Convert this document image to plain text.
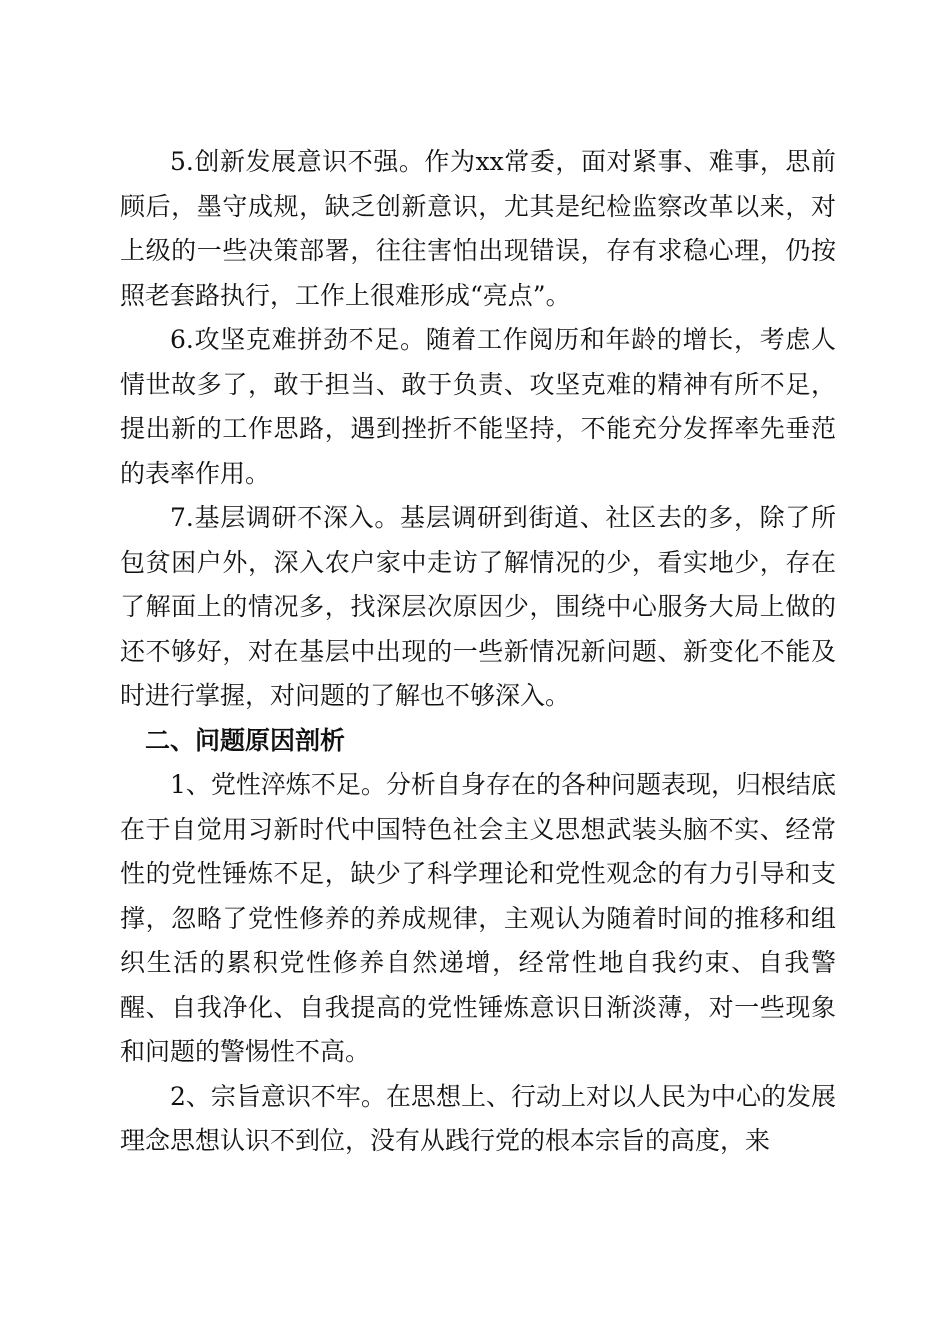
5.创新发展意识不强。作为xx常委，面对紧事、难事，思前顾后，墨守成规，缺乏创新意识，尤其是纪检监察改革以来，对上级的一些决策部署，往往害怕出现错误，存有求稳心理，仍按照老套路执行，工作上很难形成“亮点”。

6.攻坚克难拼劲不足。随着工作阅历和年龄的增长，考虑人情世故多了，敢于担当、敢于负责、攻坚克难的精神有所不足，提出新的工作思路，遇到挫折不能坚持，不能充分发挥率先垂范的表率作用。

7.基层调研不深入。基层调研到街道、社区去的多，除了所包贫困户外，深入农户家中走访了解情况的少，看实地少，存在了解面上的情况多，找深层次原因少，围绕中心服务大局上做的还不够好，对在基层中出现的一些新情况新问题、新变化不能及时进行掌握，对问题的了解也不够深入。

二、问题原因剖析

1、党性淬炼不足。分析自身存在的各种问题表现，归根结底在于自觉用习新时代中国特色社会主义思想武装头脑不实、经常性的党性锤炼不足，缺少了科学理论和党性观念的有力引导和支撑，忽略了党性修养的养成规律，主观认为随着时间的推移和组织生活的累积党性修养自然递增，经常性地自我约束、自我警醒、自我净化、自我提高的党性锤炼意识日渐淡薄，对一些现象和问题的警惕性不高。

2、宗旨意识不牢。在思想上、行动上对以人民为中心的发展理念思想认识不到位，没有从践行党的根本宗旨的高度，来
